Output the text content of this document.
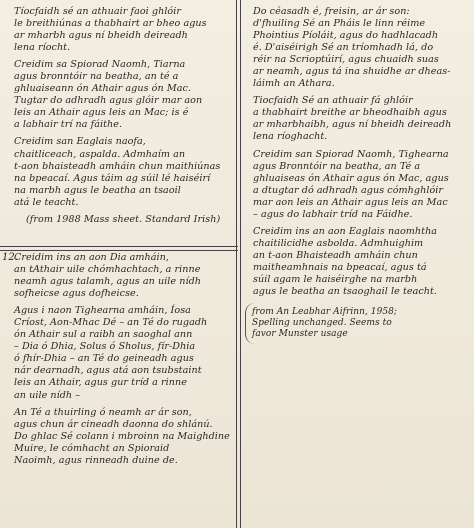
Tíocfaidh sé an athuair faoi ghlóir
le breithiúnas a thabhairt ar bheo agus
ar mharbh agus ní bheidh deireadh
lena ríocht.

Creidim sa Spiorad Naomh, Tiarna
agus bronntóir na beatha, an té a
ghluaiseann ón Athair agus ón Mac.
Tugtar do adhradh agus glóir mar aon
leis an Athair agus leis an Mac; is é
a labhair trí na fáithe.

Creidim san Eaglais naofa,
chaitliceach, aspalda. Admhaím an
t-aon bhaisteadh amháin chun maithiúnas
na bpeacaí. Agus táim ag súil lé haiséirí
na marbh agus le beatha an tsaoil
atá le teacht.

(from 1988 Mass sheet. Standard Irish)

12.

Creidim ins an aon Dia amháin,
an tAthair uile chómhachtach, a rinne
neamh agus talamh, agus an uile nídh
sofheicse agus dofheicse.

Agus i naon Tighearna amháin, Íosa
Críost, Aon-Mhac Dé – an Té do rugadh
ón Athair sul a raibh an saoghal ann
– Dia ó Dhia, Solus ó Sholus, fír-Dhia
ó fhír-Dhia – an Té do geineadh agus
nár dearnadh, agus atá aon tsubstaint
leis an Athair, agus gur tríd a rinne
an uile nídh –

An Té a thuirling ó neamh ar ár son,
agus chun ár cineadh daonna do shlánú.
Do ghlac Sé colann i mbroinn na Maighdine
Muire, le cómhacht an Spioraid
Naoimh, agus rinneadh duine de.

Do céasadh é, freisin, ar ár son:
d'fhuiling Sé an Pháis le linn réime
Phointius Píoláit, agus do hadhlacadh
é. D'aiséirigh Sé an tríomhadh lá, do
réir na Scrioptúirí, agus chuaidh suas
ar neamh, agus tá ina shuidhe ar dheas-
láimh an Athara.

Tiocfaidh Sé an athuair fá ghlóir
a thabhairt breithe ar bheodhaibh agus
ar mharbhaibh, agus ní bheidh deireadh
lena ríoghacht.

Creidim san Spiorad Naomh, Tighearna
agus Bronntóir na beatha, an Té a
ghluaiseas ón Athair agus ón Mac, agus
a dtugtar dó adhradh agus cómhghlóir
mar aon leis an Athair agus leis an Mac
– agus do labhair tríd na Fáidhe.

Creidim ins an aon Eaglais naomhtha
chaitilicidhe asbolda. Admhuighim
an t-aon Bhaisteadh amháin chun
maitheamhnais na bpeacaí, agus tá
súil agam le haiséirghe na marbh
agus le beatha an tsaoghail le teacht.

from An Leabhar Aifrinn, 1958;
Spelling unchanged. Seems to
favor Munster usage
